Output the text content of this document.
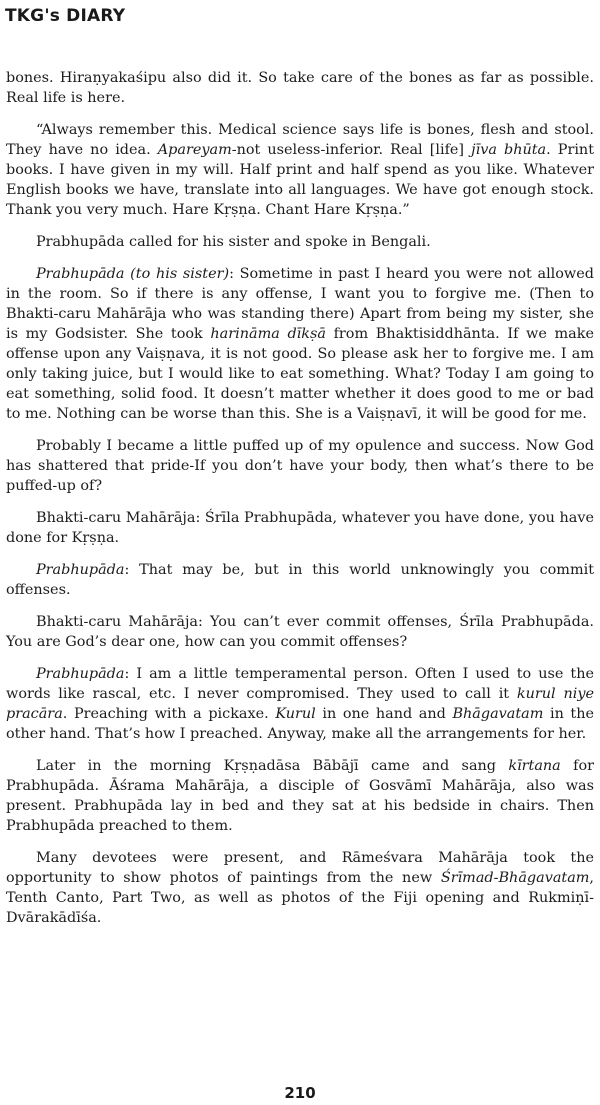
TKG's DIARY

bones. Hiraṇyakaśipu also did it. So take care of the bones as far as possible. Real life is here.

“Always remember this. Medical science says life is bones, flesh and stool. They have no idea. Apareyam-not useless-inferior. Real [life] jīva bhūta. Print books. I have given in my will. Half print and half spend as you like. Whatever English books we have, translate into all languages. We have got enough stock. Thank you very much. Hare Kṛṣṇa. Chant Hare Kṛṣṇa.”

Prabhupāda called for his sister and spoke in Bengali.

Prabhupāda (to his sister): Sometime in past I heard you were not allowed in the room. So if there is any offense, I want you to forgive me. (Then to Bhakti-caru Mahārāja who was standing there) Apart from being my sister, she is my Godsister. She took harināma dīkṣā from Bhaktisiddhānta. If we make offense upon any Vaiṣṇava, it is not good. So please ask her to forgive me. I am only taking juice, but I would like to eat something. What? Today I am going to eat something, solid food. It doesn’t matter whether it does good to me or bad to me. Nothing can be worse than this. She is a Vaiṣṇavī, it will be good for me.

Probably I became a little puffed up of my opulence and success. Now God has shattered that pride-If you don’t have your body, then what’s there to be puffed-up of?

Bhakti-caru Mahārāja: Śrīla Prabhupāda, whatever you have done, you have done for Kṛṣṇa.

Prabhupāda: That may be, but in this world unknowingly you commit offenses.

Bhakti-caru Mahārāja: You can’t ever commit offenses, Śrīla Prabhupāda. You are God’s dear one, how can you commit offenses?

Prabhupāda: I am a little temperamental person. Often I used to use the words like rascal, etc. I never compromised. They used to call it kurul niye pracāra. Preaching with a pickaxe. Kurul in one hand and Bhāgavatam in the other hand. That’s how I preached. Anyway, make all the arrangements for her.

Later in the morning Kṛṣṇadāsa Bābājī came and sang kīrtana for Prabhupāda. Āśrama Mahārāja, a disciple of Gosvāmī Mahārāja, also was present. Prabhupāda lay in bed and they sat at his bedside in chairs. Then Prabhupāda preached to them.

Many devotees were present, and Rāmeśvara Mahārāja took the opportunity to show photos of paintings from the new Śrīmad-Bhāgavatam, Tenth Canto, Part Two, as well as photos of the Fiji opening and Rukmiṇī-Dvārakādīśa.

210
